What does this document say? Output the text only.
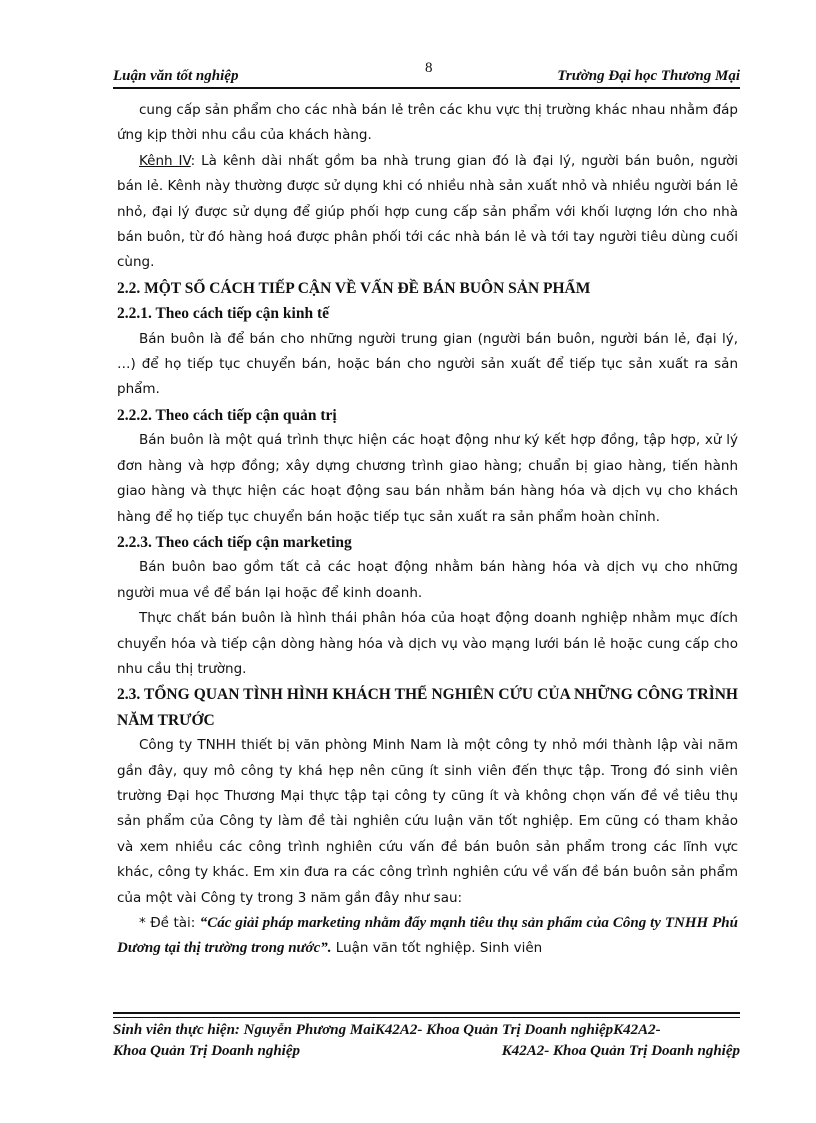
Luận văn tốt nghiệp	8	Trường Đại học Thương Mại

cung cấp sản phẩm cho các nhà bán lẻ trên các khu vực thị trường khác nhau nhằm đáp ứng kịp thời nhu cầu của khách hàng.

Kênh IV: Là kênh dài nhất gồm ba nhà trung gian đó là đại lý, người bán buôn, người bán lẻ. Kênh này thường được sử dụng khi có nhiều nhà sản xuất nhỏ và nhiều người bán lẻ nhỏ, đại lý được sử dụng để giúp phối hợp cung cấp sản phẩm với khối lượng lớn cho nhà bán buôn, từ đó hàng hoá được phân phối tới các nhà bán lẻ và tới tay người tiêu dùng cuối cùng.

2.2. MỘT SỐ CÁCH TIẾP CẬN VỀ VẤN ĐỀ BÁN BUÔN SẢN PHẨM

2.2.1. Theo cách tiếp cận kinh tế

Bán buôn là để bán cho những người trung gian (người bán buôn, người bán lẻ, đại lý, …) để họ tiếp tục chuyển bán, hoặc bán cho người sản xuất để tiếp tục sản xuất ra sản phẩm.

2.2.2. Theo cách tiếp cận quản trị

Bán buôn là một quá trình thực hiện các hoạt động như ký kết hợp đồng, tập hợp, xử lý đơn hàng và hợp đồng; xây dựng chương trình giao hàng; chuẩn bị giao hàng, tiến hành giao hàng và thực hiện các hoạt động sau bán nhằm bán hàng hóa và dịch vụ cho khách hàng để họ tiếp tục chuyển bán hoặc tiếp tục sản xuất ra sản phẩm hoàn chỉnh.

2.2.3. Theo cách tiếp cận marketing

Bán buôn bao gồm tất cả các hoạt động nhằm bán hàng hóa và dịch vụ cho những người mua về để bán lại hoặc để kinh doanh.

Thực chất bán buôn là hình thái phân hóa của hoạt động doanh nghiệp nhằm mục đích chuyển hóa và tiếp cận dòng hàng hóa và dịch vụ vào mạng lưới bán lẻ hoặc cung cấp cho nhu cầu thị trường.

2.3. TỔNG QUAN TÌNH HÌNH KHÁCH THỂ NGHIÊN CỨU CỦA NHỮNG CÔNG TRÌNH NĂM TRƯỚC

Công ty TNHH thiết bị văn phòng Minh Nam là một công ty nhỏ mới thành lập vài năm gần đây, quy mô công ty khá hẹp nên cũng ít sinh viên đến thực tập. Trong đó sinh viên trường Đại học Thương Mại thực tập tại công ty cũng ít và không chọn vấn đề về tiêu thụ sản phẩm của Công ty làm đề tài nghiên cứu luận văn tốt nghiệp. Em cũng có tham khảo và xem nhiều các công trình nghiên cứu vấn đề bán buôn sản phẩm trong các lĩnh vực khác, công ty khác. Em xin đưa ra các công trình nghiên cứu về vấn đề bán buôn sản phẩm của một vài Công ty trong 3 năm gần đây như sau:

* Đề tài: “Các giải pháp marketing nhằm đẩy mạnh tiêu thụ sản phẩm của Công ty TNHH Phú Dương tại thị trường trong nước”. Luận văn tốt nghiệp. Sinh viên

Sinh viên thực hiện: Nguyễn Phương MaiK42A2- Khoa Quản Trị Doanh nghiệpK42A2-
Khoa Quản Trị Doanh nghiệp	K42A2- Khoa Quản Trị Doanh nghiệp
